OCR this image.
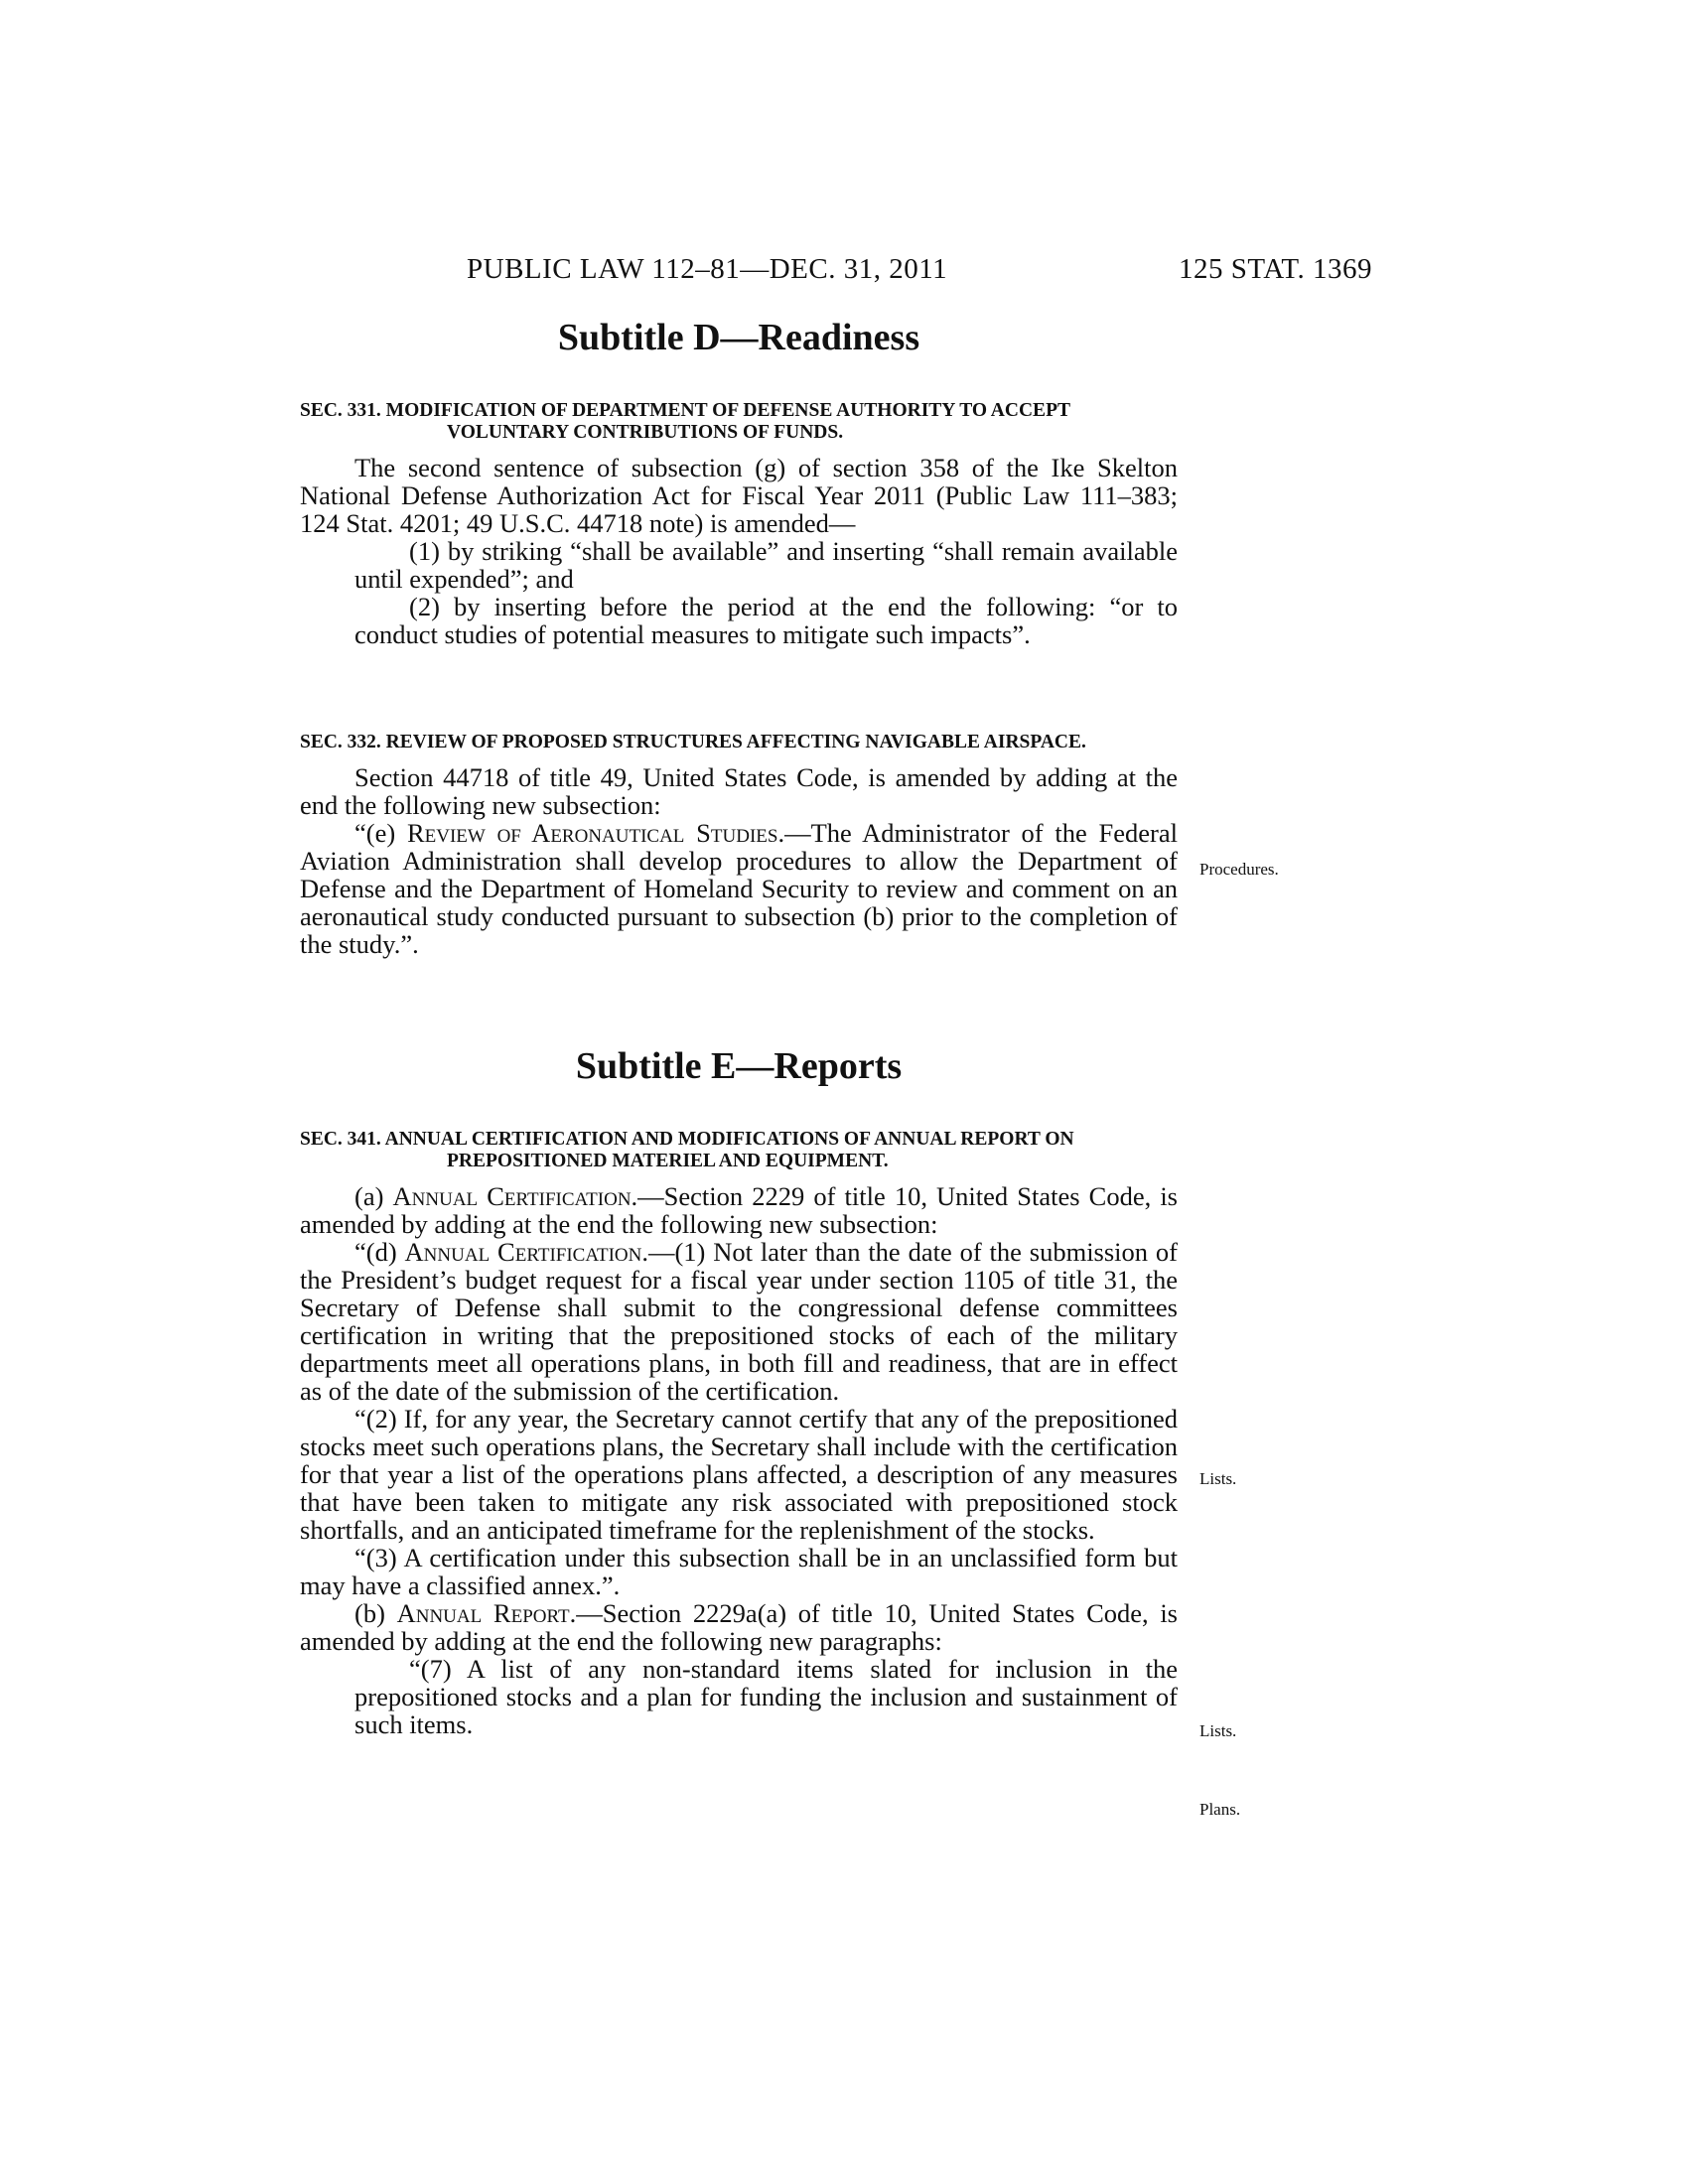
PUBLIC LAW 112–81—DEC. 31, 2011	125 STAT. 1369
Subtitle D—Readiness

SEC. 331. MODIFICATION OF DEPARTMENT OF DEFENSE AUTHORITY TO ACCEPT VOLUNTARY CONTRIBUTIONS OF FUNDS.

The second sentence of subsection (g) of section 358 of the Ike Skelton National Defense Authorization Act for Fiscal Year 2011 (Public Law 111–383; 124 Stat. 4201; 49 U.S.C. 44718 note) is amended—

(1) by striking “shall be available” and inserting “shall remain available until expended”; and

(2) by inserting before the period at the end the following: “or to conduct studies of potential measures to mitigate such impacts”.

SEC. 332. REVIEW OF PROPOSED STRUCTURES AFFECTING NAVIGABLE AIRSPACE.

Section 44718 of title 49, United States Code, is amended by adding at the end the following new subsection:

“(e) Review of Aeronautical Studies.—The Administrator of the Federal Aviation Administration shall develop procedures to allow the Department of Defense and the Department of Homeland Security to review and comment on an aeronautical study conducted pursuant to subsection (b) prior to the completion of the study.”.

Procedures.
Subtitle E—Reports

SEC. 341. ANNUAL CERTIFICATION AND MODIFICATIONS OF ANNUAL REPORT ON PREPOSITIONED MATERIEL AND EQUIPMENT.

(a) Annual Certification.—Section 2229 of title 10, United States Code, is amended by adding at the end the following new subsection:

“(d) Annual Certification.—(1) Not later than the date of the submission of the President’s budget request for a fiscal year under section 1105 of title 31, the Secretary of Defense shall submit to the congressional defense committees certification in writing that the prepositioned stocks of each of the military departments meet all operations plans, in both fill and readiness, that are in effect as of the date of the submission of the certification.

“(2) If, for any year, the Secretary cannot certify that any of the prepositioned stocks meet such operations plans, the Secretary shall include with the certification for that year a list of the operations plans affected, a description of any measures that have been taken to mitigate any risk associated with prepositioned stock shortfalls, and an anticipated timeframe for the replenishment of the stocks.

“(3) A certification under this subsection shall be in an unclassified form but may have a classified annex.”.

(b) Annual Report.—Section 2229a(a) of title 10, United States Code, is amended by adding at the end the following new paragraphs:

“(7) A list of any non-standard items slated for inclusion in the prepositioned stocks and a plan for funding the inclusion and sustainment of such items.

Lists.
Lists.
Plans.
